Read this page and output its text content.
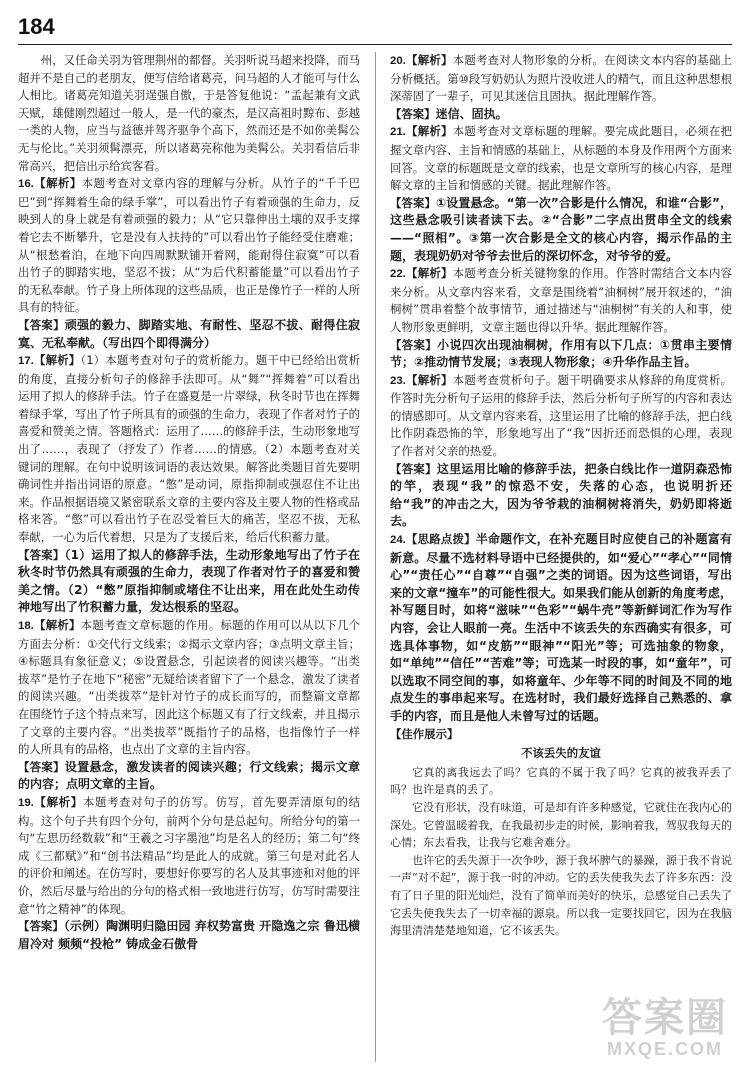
184

州，又任命关羽为管理荆州的都督。关羽听说马超来投降，而马超并不是自己的老朋友，便写信给诸葛亮，问马超的人才能可与什么人相比。诸葛亮知道关羽逞强自傲，于是答复他说：“孟起兼有文武天赋，雄健刚烈超过一般人，是一代的豪杰，是汉高祖时黥布、彭越一类的人物，应当与益德并驾齐驱争个高下，然而还是不如你美髯公无与伦比。”关羽须髯漂亮，所以诸葛亮称他为美髯公。关羽看信后非常高兴，把信出示给宾客看。

16.【解析】本题考查对文章内容的理解与分析。从竹子的“千千巴巴”到“挥舞着生命的绿手掌”，可以看出竹子有着顽强的生命力，反映到人的身上就是有着顽强的毅力；从“它只靠伸出土壤的双手支撑着它去不断攀升，它是没有人扶持的”可以看出竹子能经受住磨难；从“根愁着泊，在地下向四周默默铺开着网，能耐得住寂寞”可以看出竹子的脚踏实地，坚忍不拔；从“为后代积蓄能量”可以看出竹子的无私奉献。竹子身上所体现的这些品质，也正是像竹子一样的人所具有的特征。

【答案】顽强的毅力、脚踏实地、有耐性、坚忍不拔、耐得住寂寞、无私奉献。（写出四个即得满分）

17.【解析】（1）本题考查对句子的赏析能力。题干中已经给出赏析的角度，直接分析句子的修辞手法即可。从“舞”“挥舞着”可以看出运用了拟人的修辞手法。竹子在盛夏是一片翠绿，秋冬时节也在挥舞着绿手掌，写出了竹子所具有的顽强的生命力，表现了作者对竹子的喜爱和赞美之情。答题格式：运用了……的修辞手法，生动形象地写出了……，表现了（抒发了）作者……的情感。（2）本题考查对关键词的理解。在句中说明该词语的表达效果。解答此类题目首先要明确词性并指出词语的原意。“憋”是动词，原指抑制或强忍住不让出来。作品根据语境又紧密联系文章的主要内容及主要人物的性格或品格来答。“憋”可以看出竹子在忍受着巨大的痛苦，坚忍不拔，无私奉献，一心为后代着想，只是为了支援后来，给后代积蓄力量。

【答案】（1）运用了拟人的修辞手法，生动形象地写出了竹子在秋冬时节仍然具有顽强的生命力，表现了作者对竹子的喜爱和赞美之情。（2）“憋”原指抑制或堵住不让出来，用在此处生动传神地写出了竹积蓄力量，发达根系的坚忍。

18.【解析】本题考查文章标题的作用。标题的作用可以从以下几个方面去分析：①交代行文线索；②揭示文章内容；③点明文章主旨；④标题具有象征意义；⑤设置悬念，引起读者的阅读兴趣等。“出类拔萃”是竹子在地下“秘密”无疑给读者留下了一个悬念，激发了读者的阅读兴趣。“出类拔萃”是针对竹子的成长而写的，而整篇文章都在围绕竹子这个特点来写，因此这个标题又有了行文线索，并且揭示了文章的主要内容。“出类拔萃”既指竹子的品格，也指像竹子一样的人所具有的品格，也点出了文章的主旨内容。

【答案】设置悬念，激发读者的阅读兴趣；行文线索；揭示文章的内容；点明文章的主旨。

19.【解析】本题考查对句子的仿写。仿写，首先要弄清原句的结构。这个句子共有四个分句，前两个分句是总起句。所给分句的第一句“左思历经数载”和“王羲之习字墨池”均是名人的经历；第二句“终成《三都赋》”和“创书法精品”均是此人的成就。第三句是对此名人的评价和阐述。在仿写时，要想好你要写的名人及其事迹和对他的评价，然后尽量与给出的分句的格式相一致地进行仿写，仿写时需要注意“竹之精神”的体现。

【答案】（示例）陶渊明归隐田园 弃权势富贵 开隐逸之宗 鲁迅横眉冷对 频频“投枪” 铸成金石傲骨

20.【解析】本题考查对人物形象的分析。在阅读文本内容的基础上分析概括。第⑩段写奶奶认为照片没收进人的精气，而且这种思想根深蒂固了一辈子，可见其迷信且固执。据此理解作答。

【答案】迷信、固执。

21.【解析】本题考查对文章标题的理解。要完成此题目，必须在把握文章内容、主旨和情感的基础上，从标题的本身及作用两个方面来回答。文章的标题既是文章的线索，也是文章所写的核心内容，是理解文章的主旨和情感的关键。据此理解作答。

【答案】①设置悬念。“第一次”合影是什么情况，和谁“合影”，这些悬念吸引读者读下去。②“合影”二字点出贯串全文的线索——“照相”。③第一次合影是全文的核心内容，揭示作品的主题，表现奶奶对爷爷去世后的深切怀念，对爷爷的爱。

22.【解析】本题考查分析关键物象的作用。作答时需结合文本内容来分析。从文章内容来看，文章是围绕着“油桐树”展开叙述的，“油桐树”贯串着整个故事情节，通过描述与“油桐树”有关的人和事，使人物形象更鲜明，文章主题也得以升华。据此理解作答。

【答案】小说四次出现油桐树，作用有以下几点：①贯串主要情节；②推动情节发展；③表现人物形象；④升华作品主旨。

23.【解析】本题考查赏析句子。题干明确要求从修辞的角度赏析。作答时先分析句子运用的修辞手法，然后分析句子所写的内容和表达的情感即可。从文章内容来看，这里运用了比喻的修辞手法，把白线比作阴森恐怖的竿，形象地写出了“我”因折还而恐惧的心理，表现了作者对父亲的热爱。

【答案】这里运用比喻的修辞手法，把条白线比作一道阴森恐怖的竿，表现“我”的惊恐不安，失落的心态，也说明折还给“我”的冲击之大，因为爷爷栽的油桐树将消失，奶奶即将逝去。

24.【思路点拨】半命题作文，在补充题目时应使自己的补题富有新意。尽量不选材料导语中已经提供的，如“爱心”“孝心”“同情心”“责任心”“自尊”“自强”之类的词语。因为这些词语，写出来的文章“撞车”的可能性很大。如果我们能从创新的角度考虑，补写题目时，如将“滋味”“色彩”“蜗牛壳”等新鲜词汇作为写作内容，会让人眼前一亮。生活中不该丢失的东西确实有很多，可选具体事物，如“皮筋”“眼神”“阳光”等；可选抽象的物象，如“单纯”“信任”“苦难”等；可选某一时段的事，如“童年”，可以选取不同空间的事，如将童年、少年等不同的时间及不同的地点发生的事串起来写。在选材时，我们最好选择自己熟悉的、拿手的内容，而且是他人未曾写过的话题。

【佳作展示】

不该丢失的友谊

它真的离我远去了吗？它真的不属于我了吗？它真的被我弄丢了吗？也许是真的丢了。

它没有形状，没有味道，可是却有许多种感觉，它就住在我内心的深处。它曾温暖着我，在我最初步走的时候，影响着我，驾驭我每天的心情；东去看我，让我与它难舍难分。

也许它的丢失源于一次争吵，源于我坏脾气的暴躁，源于我不肯说一声“对不起”，源于我一时的冲动。它的丢失使我失去了许多东西：没有了日子里的阳光灿烂，没有了简单而美好的快乐，总感觉自己丢失了它丢失使我失去了一切幸福的源泉。所以我一定要找回它，因为在我脑海里清清楚楚地知道，它不该丢失。

答案圈
MXQE.COM
